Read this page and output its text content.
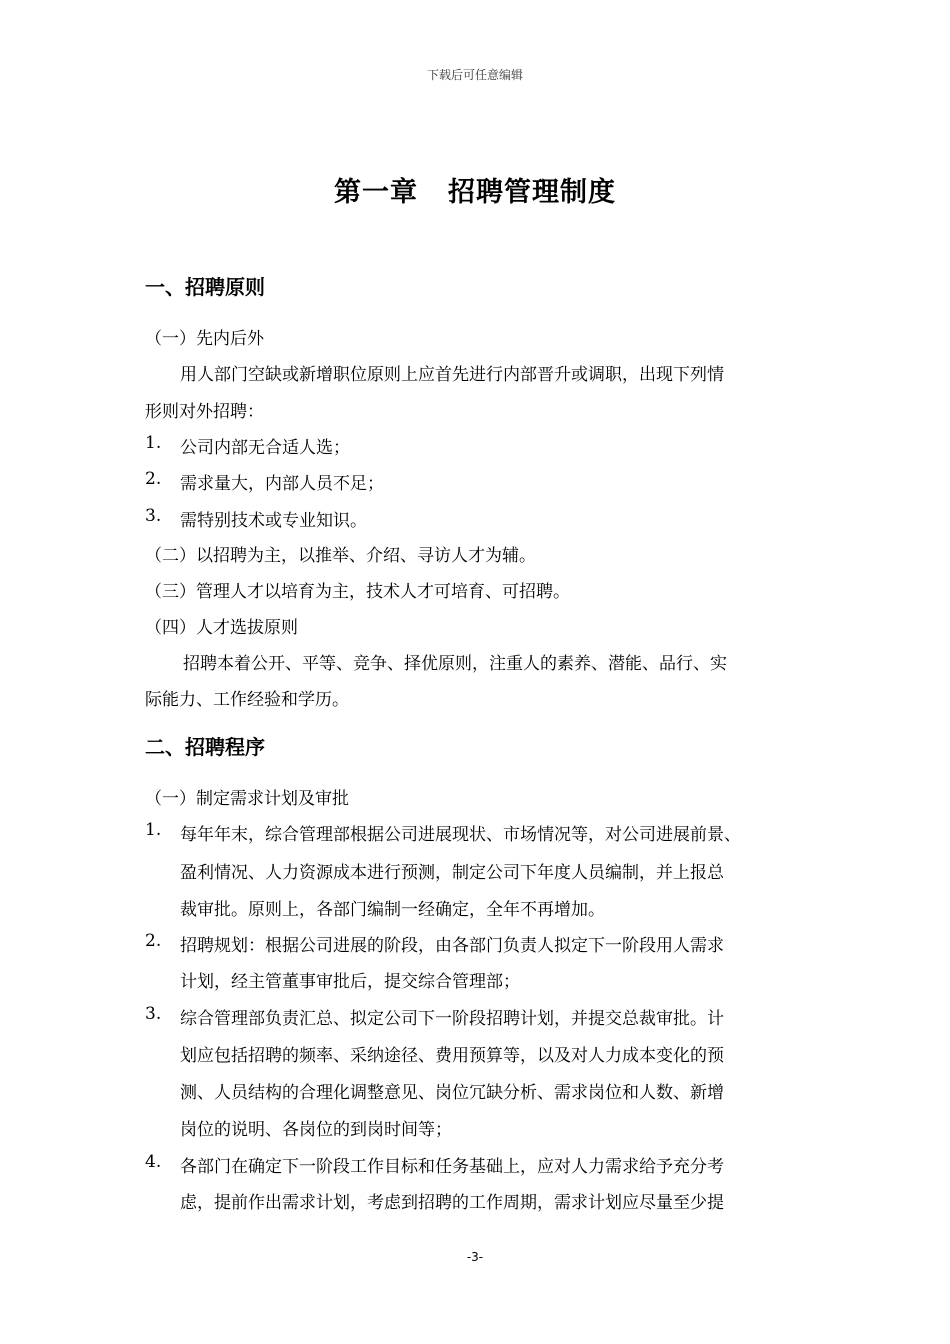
下载后可任意编辑
第一章 招聘管理制度
一、招聘原则
（一）先内后外
用人部门空缺或新增职位原则上应首先进行内部晋升或调职，出现下列情
形则对外招聘：
1. 公司内部无合适人选；
2. 需求量大，内部人员不足；
3. 需特别技术或专业知识。
（二）以招聘为主，以推举、介绍、寻访人才为辅。
（三）管理人才以培育为主，技术人才可培育、可招聘。
（四）人才选拔原则
招聘本着公开、平等、竞争、择优原则，注重人的素养、潜能、品行、实
际能力、工作经验和学历。
二、招聘程序
（一）制定需求计划及审批
1. 每年年末，综合管理部根据公司进展现状、市场情况等，对公司进展前景、
盈利情况、人力资源成本进行预测，制定公司下年度人员编制，并上报总
裁审批。原则上，各部门编制一经确定，全年不再增加。
2. 招聘规划：根据公司进展的阶段，由各部门负责人拟定下一阶段用人需求
计划，经主管董事审批后，提交综合管理部；
3. 综合管理部负责汇总、拟定公司下一阶段招聘计划，并提交总裁审批。计
划应包括招聘的频率、采纳途径、费用预算等，以及对人力成本变化的预
测、人员结构的合理化调整意见、岗位冗缺分析、需求岗位和人数、新增
岗位的说明、各岗位的到岗时间等；
4. 各部门在确定下一阶段工作目标和任务基础上，应对人力需求给予充分考
虑，提前作出需求计划，考虑到招聘的工作周期，需求计划应尽量至少提
-3-
